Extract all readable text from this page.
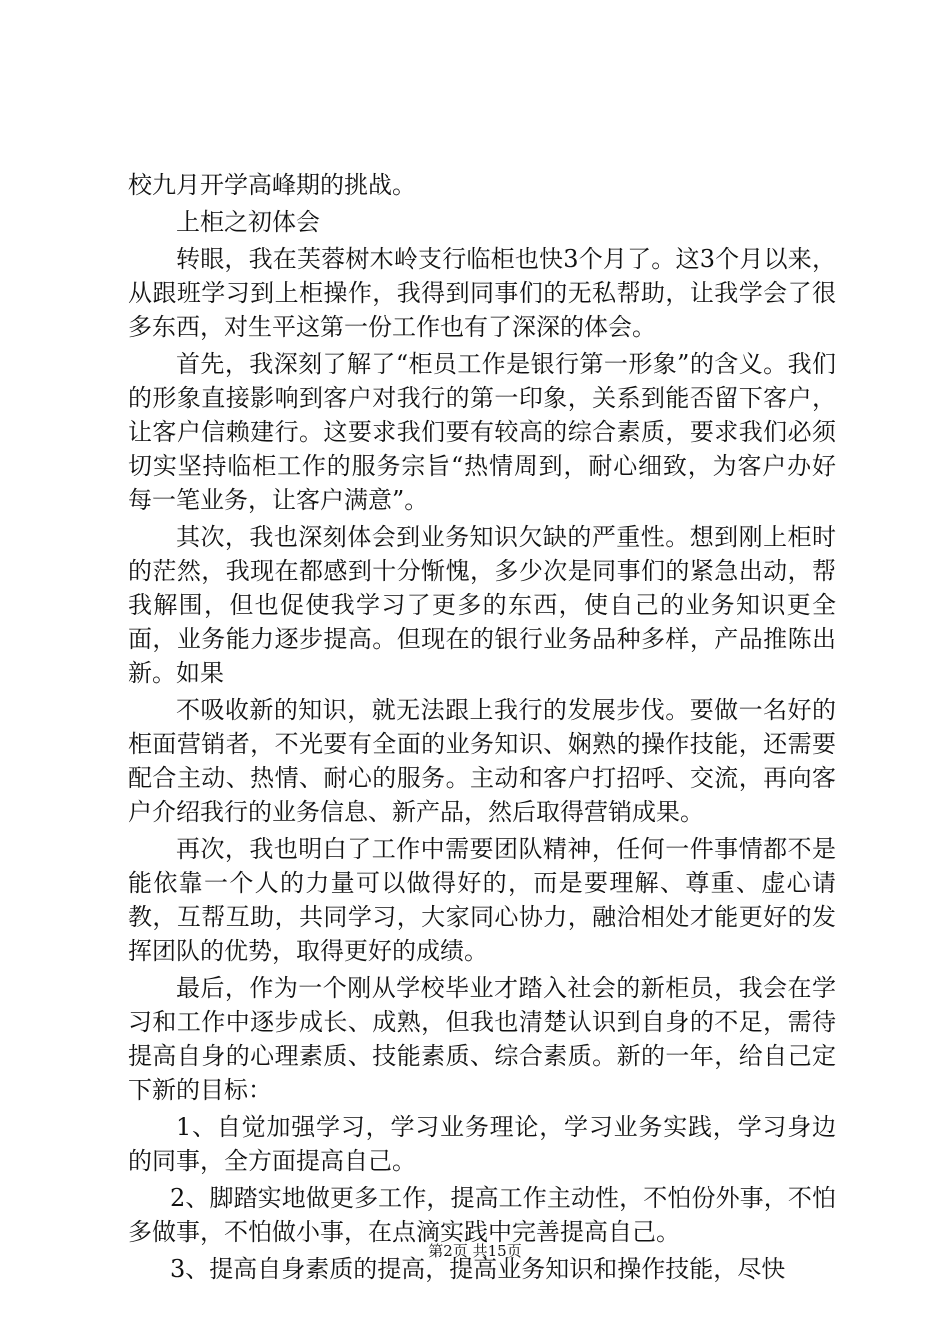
校九月开学高峰期的挑战。

上柜之初体会

转眼，我在芙蓉树木岭支行临柜也快3个月了。这3个月以来，从跟班学习到上柜操作，我得到同事们的无私帮助，让我学会了很多东西，对生平这第一份工作也有了深深的体会。

首先，我深刻了解了“柜员工作是银行第一形象”的含义。我们的形象直接影响到客户对我行的第一印象，关系到能否留下客户，让客户信赖建行。这要求我们要有较高的综合素质，要求我们必须切实坚持临柜工作的服务宗旨“热情周到，耐心细致，为客户办好每一笔业务，让客户满意”。

其次，我也深刻体会到业务知识欠缺的严重性。想到刚上柜时的茫然，我现在都感到十分惭愧，多少次是同事们的紧急出动，帮我解围，但也促使我学习了更多的东西，使自己的业务知识更全面，业务能力逐步提高。但现在的银行业务品种多样，产品推陈出新。如果

不吸收新的知识，就无法跟上我行的发展步伐。要做一名好的柜面营销者，不光要有全面的业务知识、娴熟的操作技能，还需要配合主动、热情、耐心的服务。主动和客户打招呼、交流，再向客户介绍我行的业务信息、新产品，然后取得营销成果。

再次，我也明白了工作中需要团队精神，任何一件事情都不是能依靠一个人的力量可以做得好的，而是要理解、尊重、虚心请教，互帮互助，共同学习，大家同心协力，融洽相处才能更好的发挥团队的优势，取得更好的成绩。

最后，作为一个刚从学校毕业才踏入社会的新柜员，我会在学习和工作中逐步成长、成熟，但我也清楚认识到自身的不足，需待提高自身的心理素质、技能素质、综合素质。新的一年，给自己定下新的目标：

1、自觉加强学习，学习业务理论，学习业务实践，学习身边的同事，全方面提高自己。

2、脚踏实地做更多工作，提高工作主动性，不怕份外事，不怕多做事，不怕做小事，在点滴实践中完善提高自己。

3、提高自身素质的提高，提高业务知识和操作技能，尽快

第2页 共15页
